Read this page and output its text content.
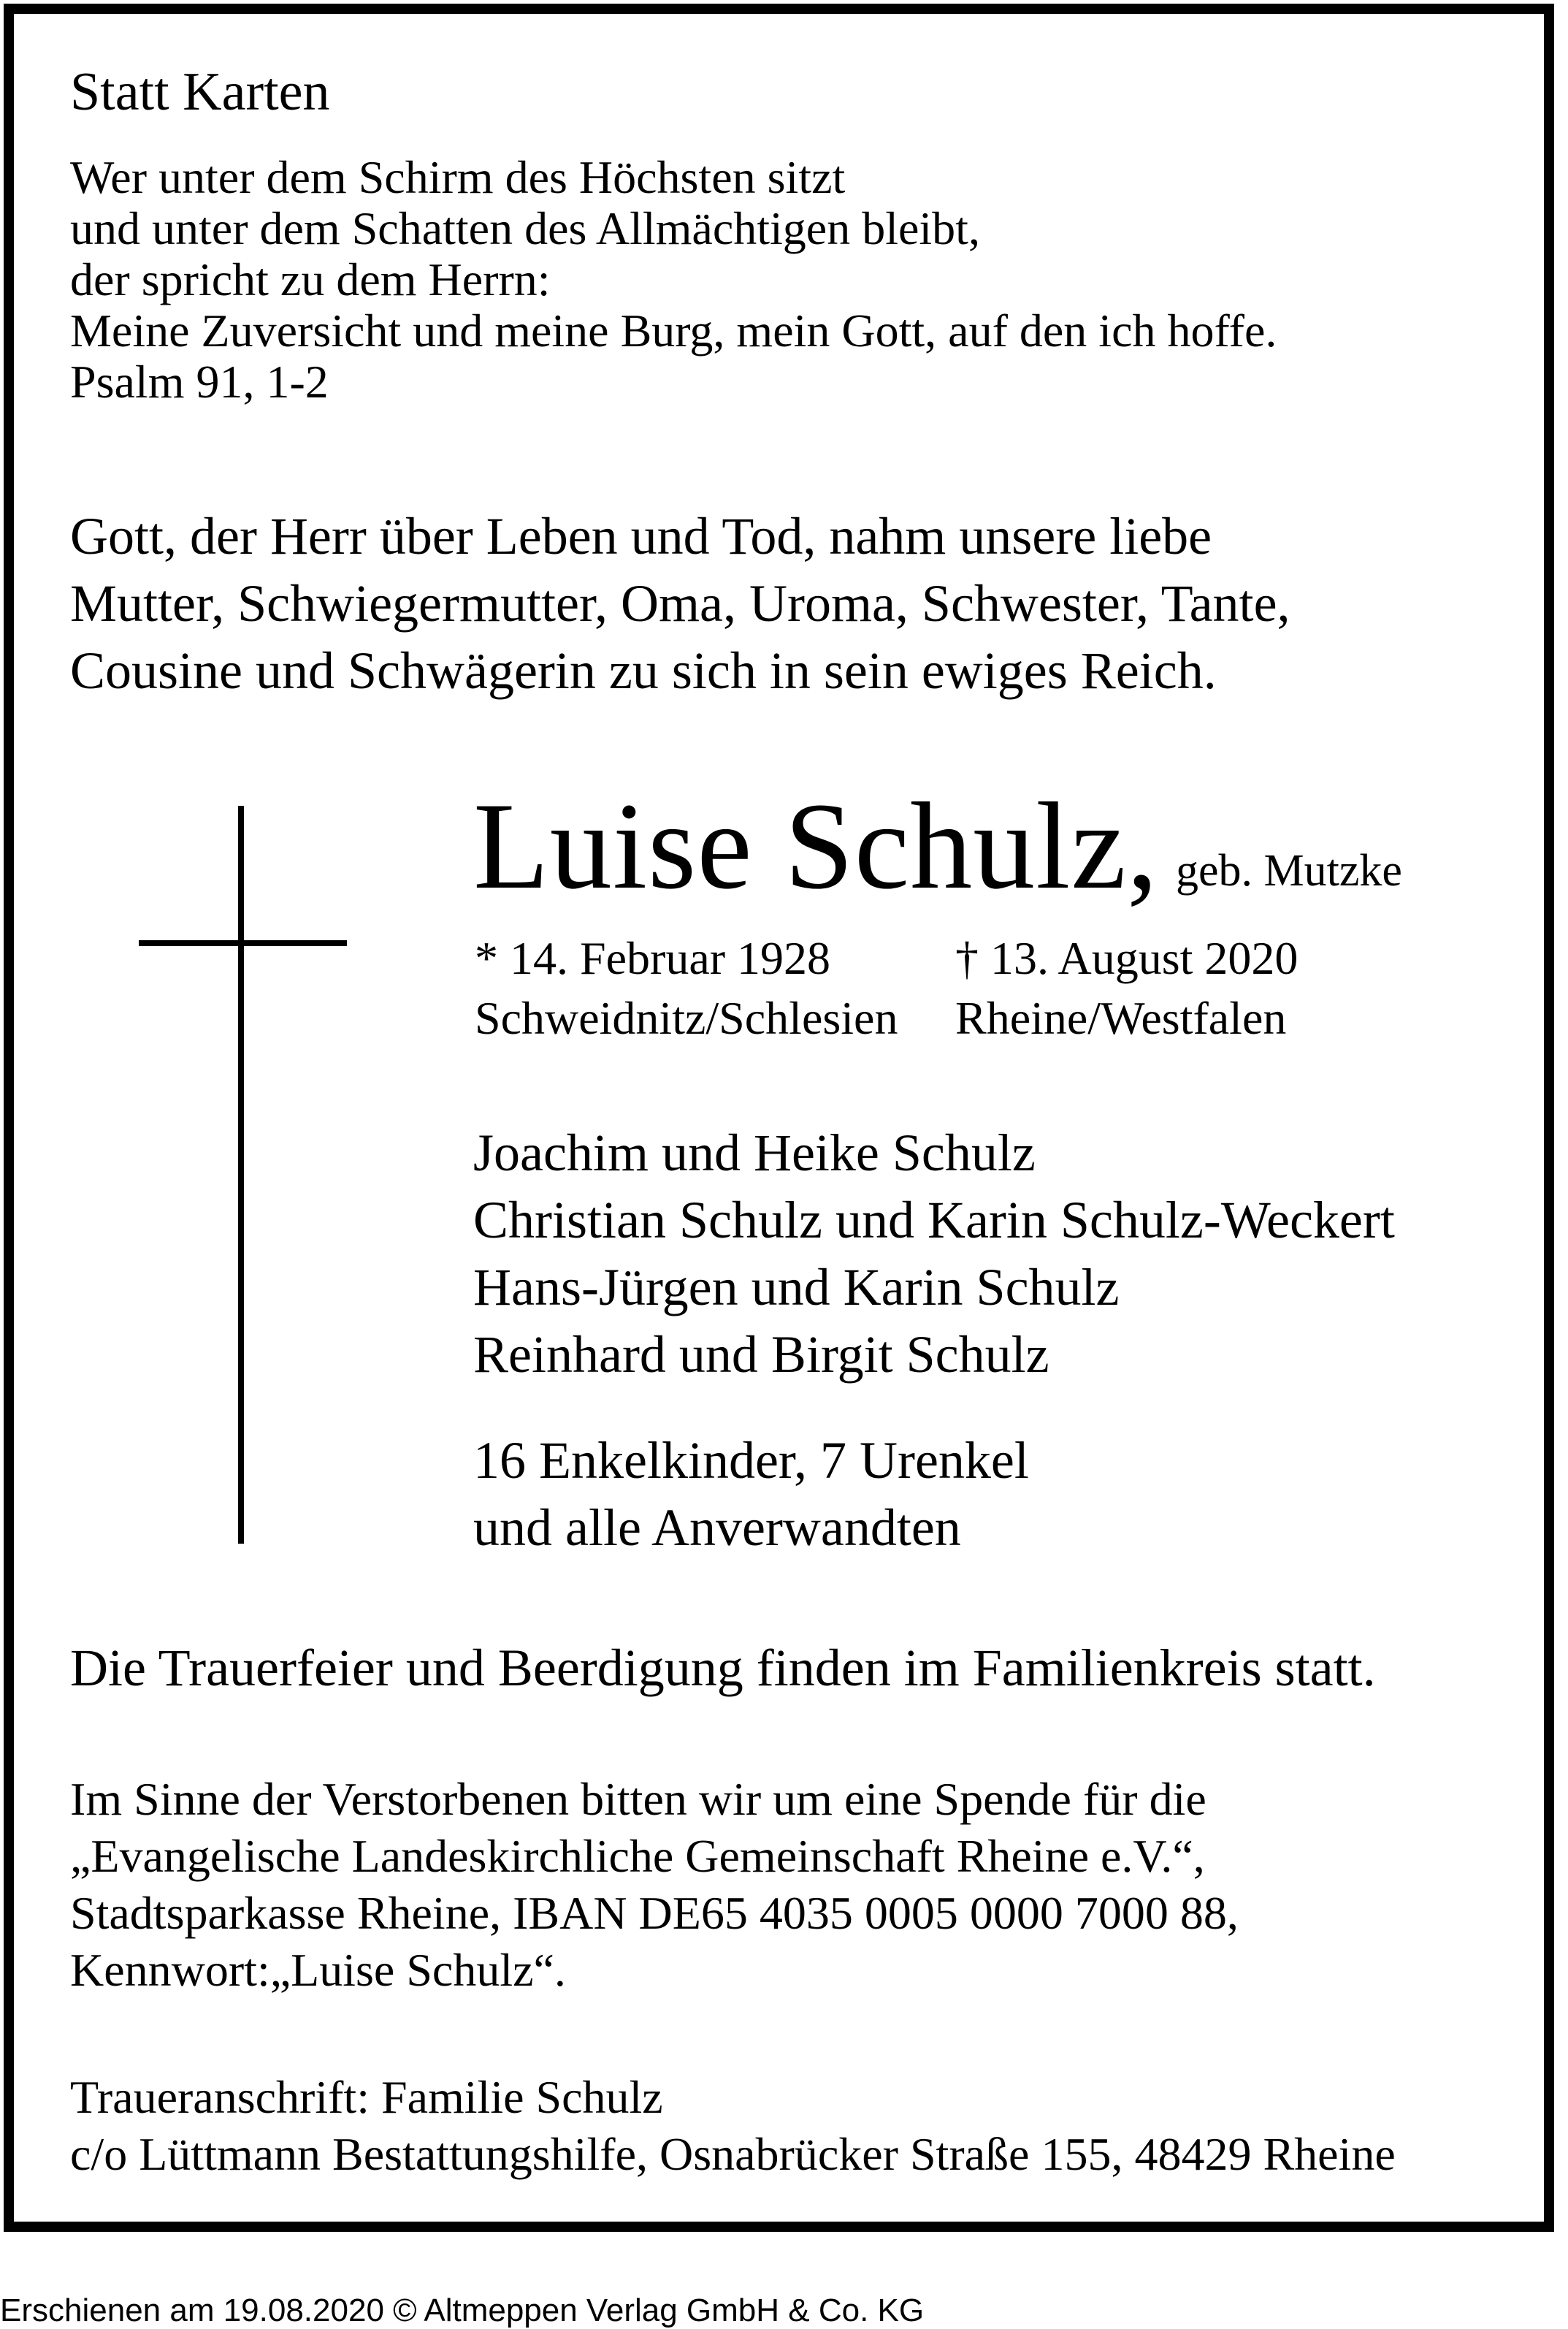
Statt Karten

Wer unter dem Schirm des Höchsten sitzt

und unter dem Schatten des Allmächtigen bleibt,

der spricht zu dem Herrn:

Meine Zuversicht und meine Burg, mein Gott, auf den ich hoffe.

Psalm 91, 1-2

Gott, der Herr über Leben und Tod, nahm unsere liebe

Mutter, Schwiegermutter, Oma, Uroma, Schwester, Tante,

Cousine und Schwägerin zu sich in sein ewiges Reich.

Luise Schulz, geb. Mutzke
* 14. Februar 1928	† 13. August 2020
Schweidnitz/Schlesien Rheine/Westfalen

Joachim und Heike Schulz

Christian Schulz und Karin Schulz-Weckert

Hans-Jürgen und Karin Schulz

Reinhard und Birgit Schulz

16 Enkelkinder, 7 Urenkel

und alle Anverwandten

Die Trauerfeier und Beerdigung finden im Familienkreis statt.

Im Sinne der Verstorbenen bitten wir um eine Spende für die

„Evangelische Landeskirchliche Gemeinschaft Rheine e.V.“,

Stadtsparkasse Rheine, IBAN DE65 4035 0005 0000 7000 88,

Kennwort:„Luise Schulz“.

Traueranschrift: Familie Schulz

c/o Lüttmann Bestattungshilfe, Osnabrücker Straße 155, 48429 Rheine

Erschienen am 19.08.2020 © Altmeppen Verlag GmbH & Co. KG
